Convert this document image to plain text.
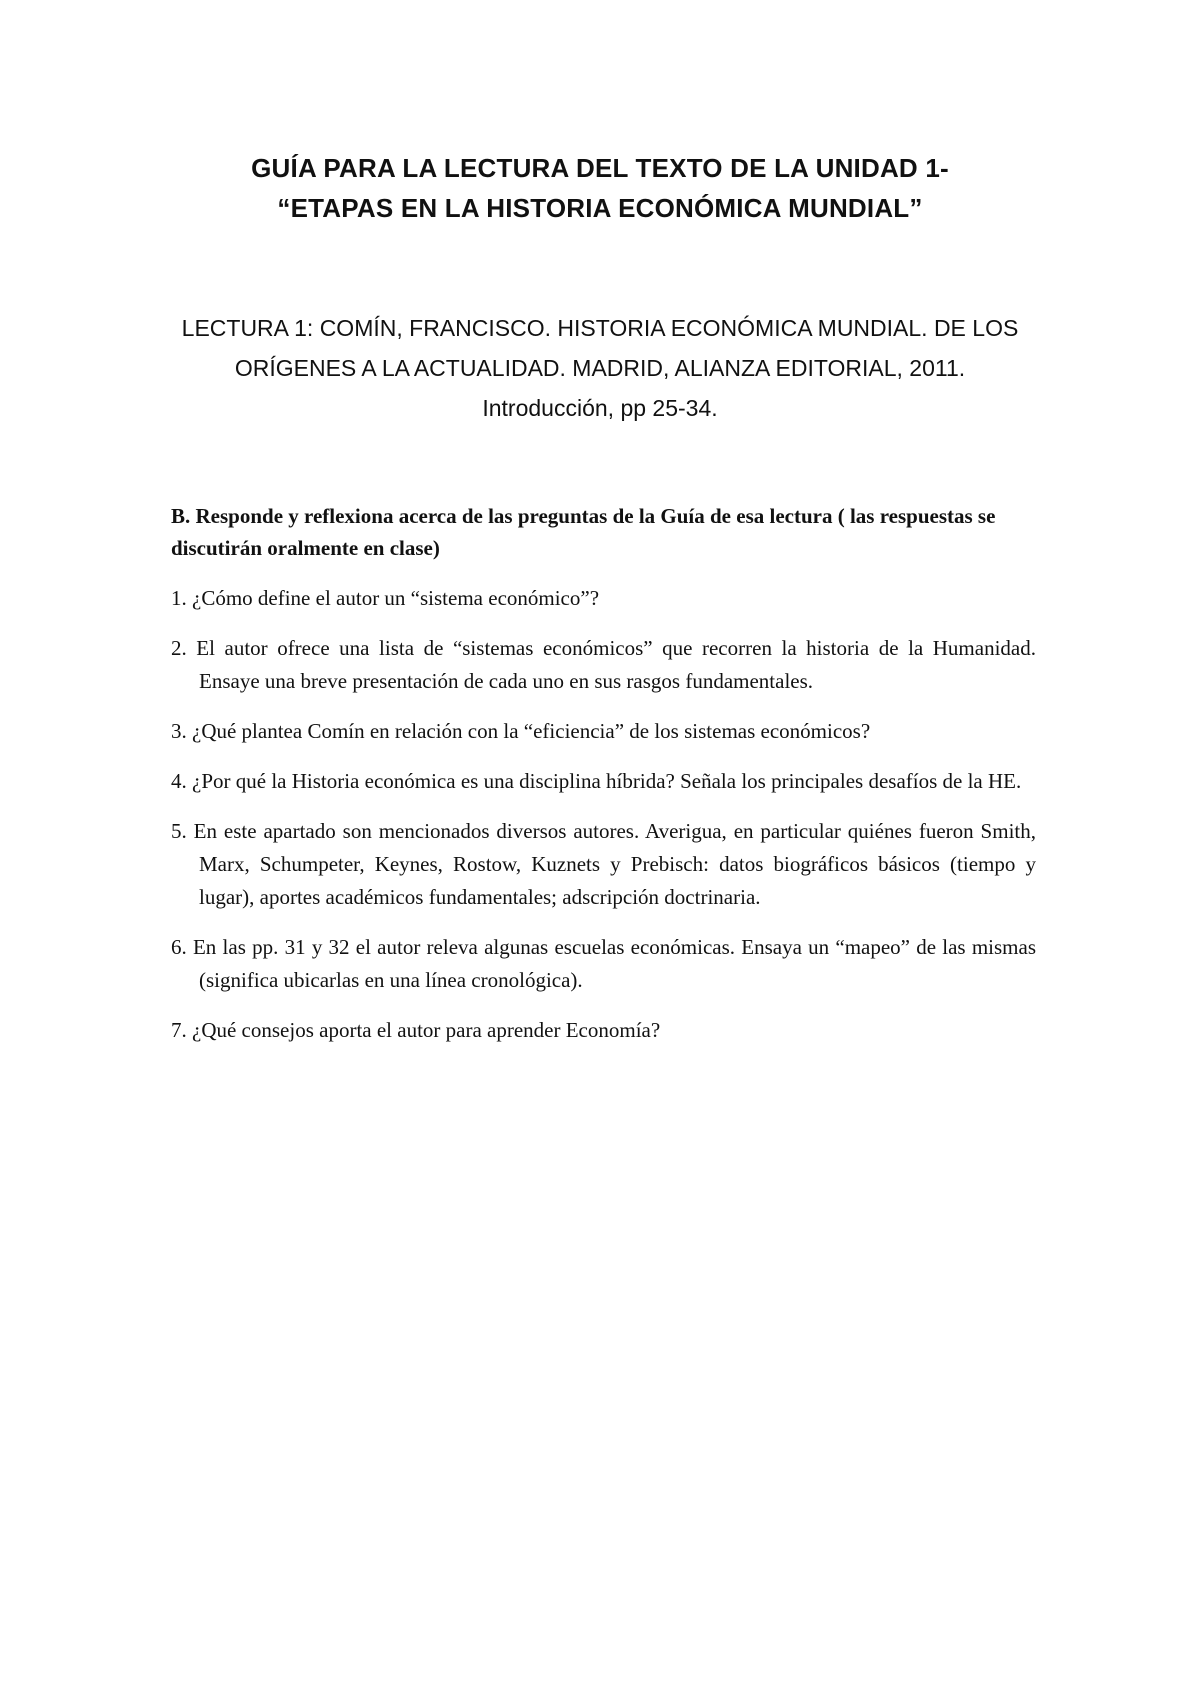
GUÍA PARA LA LECTURA DEL TEXTO DE LA UNIDAD 1-
“ETAPAS EN LA HISTORIA ECONÓMICA MUNDIAL”
LECTURA 1: COMÍN, FRANCISCO. HISTORIA ECONÓMICA MUNDIAL. DE LOS
ORÍGENES A LA ACTUALIDAD. MADRID, ALIANZA EDITORIAL, 2011.
Introducción, pp 25-34.
B. Responde y reflexiona acerca de las preguntas de la Guía de esa lectura ( las respuestas se discutirán oralmente en clase)
1. ¿Cómo define el autor un “sistema económico”?
2. El autor ofrece una lista de “sistemas económicos” que recorren la historia de la Humanidad. Ensaye una breve presentación de cada uno en sus rasgos fundamentales.
3. ¿Qué plantea Comín en relación con la “eficiencia” de los sistemas económicos?
4. ¿Por qué la Historia económica es una disciplina híbrida? Señala los principales desafíos de la HE.
5. En este apartado son mencionados diversos autores. Averigua, en particular quiénes fueron Smith, Marx, Schumpeter, Keynes, Rostow, Kuznets y Prebisch: datos biográficos básicos (tiempo y lugar), aportes académicos fundamentales; adscripción doctrinaria.
6. En las pp. 31 y 32 el autor releva algunas escuelas económicas. Ensaya un “mapeo” de las mismas (significa ubicarlas en una línea cronológica).
7. ¿Qué consejos aporta el autor para aprender Economía?
